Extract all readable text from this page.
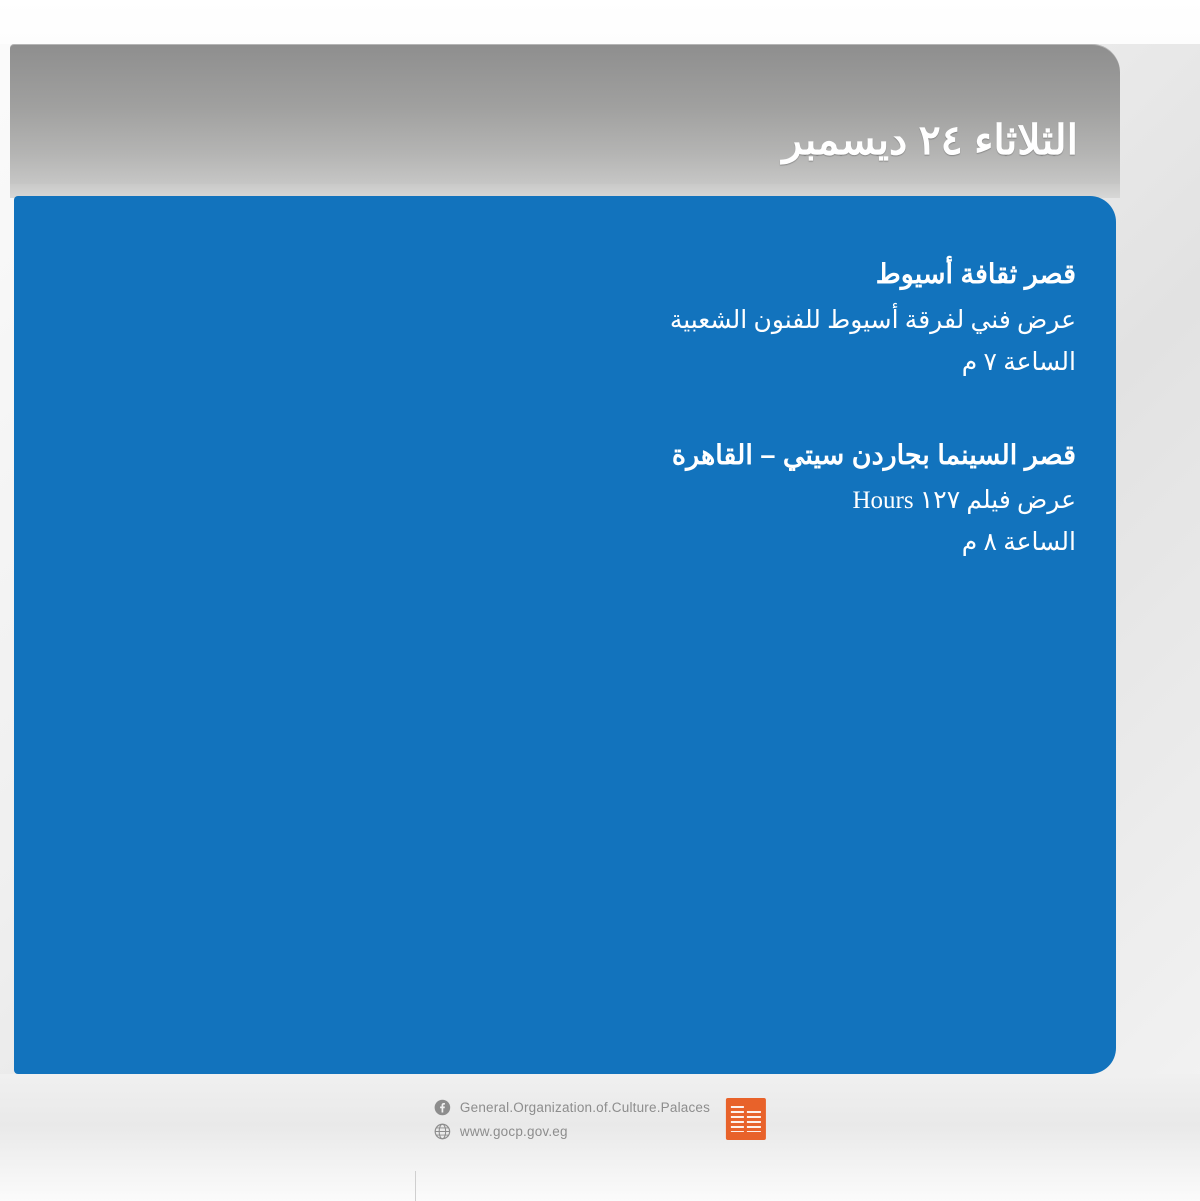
الثلاثاء ٢٤ ديسمبر
قصر ثقافة أسيوط
عرض فني لفرقة أسيوط للفنون الشعبية
الساعة ٧ م
قصر السينما بجاردن سيتي – القاهرة
عرض فيلم ١٢٧ Hours
الساعة ٨ م
General.Organization.of.Culture.Palaces
www.gocp.gov.eg
